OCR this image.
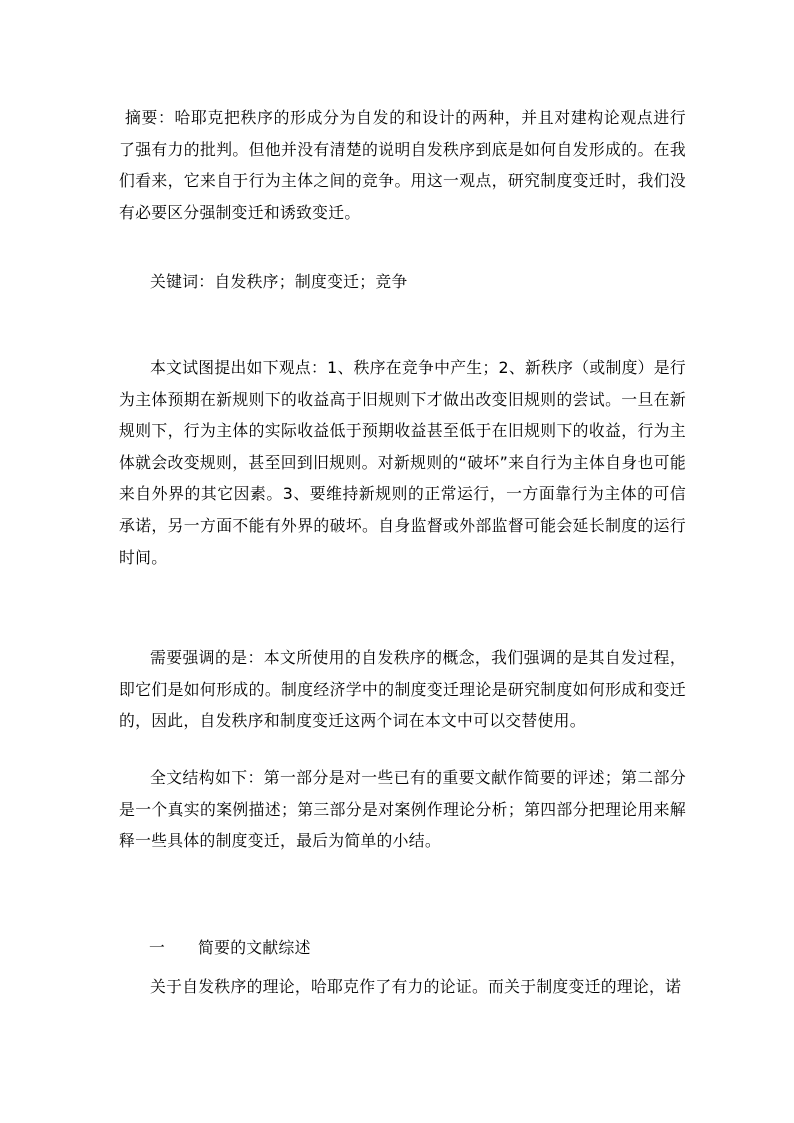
摘要：哈耶克把秩序的形成分为自发的和设计的两种，并且对建构论观点进行了强有力的批判。但他并没有清楚的说明自发秩序到底是如何自发形成的。在我们看来，它来自于行为主体之间的竞争。用这一观点，研究制度变迁时，我们没有必要区分强制变迁和诱致变迁。

关键词：自发秩序；制度变迁；竞争

本文试图提出如下观点：1、秩序在竞争中产生；2、新秩序（或制度）是行为主体预期在新规则下的收益高于旧规则下才做出改变旧规则的尝试。一旦在新规则下，行为主体的实际收益低于预期收益甚至低于在旧规则下的收益，行为主体就会改变规则，甚至回到旧规则。对新规则的“破坏”来自行为主体自身也可能来自外界的其它因素。3、要维持新规则的正常运行，一方面靠行为主体的可信承诺，另一方面不能有外界的破坏。自身监督或外部监督可能会延长制度的运行时间。

需要强调的是：本文所使用的自发秩序的概念，我们强调的是其自发过程，即它们是如何形成的。制度经济学中的制度变迁理论是研究制度如何形成和变迁的，因此，自发秩序和制度变迁这两个词在本文中可以交替使用。

全文结构如下：第一部分是对一些已有的重要文献作简要的评述；第二部分是一个真实的案例描述；第三部分是对案例作理论分析；第四部分把理论用来解释一些具体的制度变迁，最后为简单的小结。

一 简要的文献综述

关于自发秩序的理论，哈耶克作了有力的论证。而关于制度变迁的理论，诺
